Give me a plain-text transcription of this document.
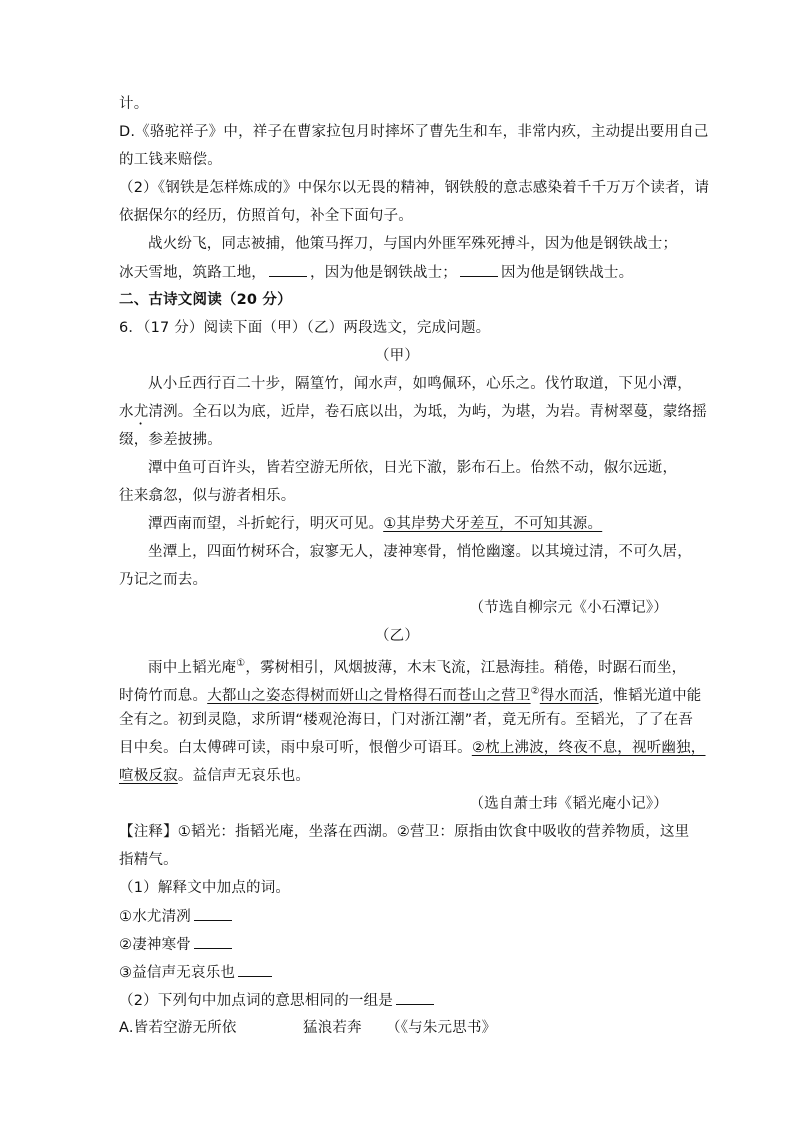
计。
D.《骆驼祥子》中，祥子在曹家拉包月时摔坏了曹先生和车，非常内疚，主动提出要用自己
的工钱来赔偿。
（2）《钢铁是怎样炼成的》中保尔以无畏的精神，钢铁般的意志感染着千千万万个读者，请
依据保尔的经历，仿照首句，补全下面句子。
战火纷飞，同志被捕，他策马挥刀，与国内外匪军殊死搏斗，因为他是钢铁战士；
冰天雪地，筑路工地，	，因为他是钢铁战士；	因为他是钢铁战士。
二、古诗文阅读（20 分）
6．（17 分）阅读下面（甲）（乙）两段选文，完成问题。
（甲）
从小丘西行百二十步，隔篁竹，闻水声，如鸣佩环，心乐之。伐竹取道，下见小潭，
水尤清洌。全石以为底，近岸，卷石底以出，为坻，为屿，为堪，为岩。青树翠蔓，蒙络摇
缀，参差披拂。
潭中鱼可百许头，皆若空游无所依，日光下澈，影布石上。佁然不动，俶尔远逝，
往来翕忽，似与游者相乐。
潭西南而望，斗折蛇行，明灭可见。①其岸势犬牙差互，不可知其源。
坐潭上，四面竹树环合，寂寥无人，凄神寒骨，悄怆幽邃。以其境过清，不可久居，
乃记之而去。
（节选自柳宗元《小石潭记》）
（乙）
雨中上韬光庵①，雾树相引，风烟披薄，木末飞流，江悬海挂。稍倦，时踞石而坐，
时倚竹而息。大都山之姿态得树而妍山之骨格得石而苍山之营卫②得水而活，惟韬光道中能
全有之。初到灵隐，求所谓“楼观沧海日，门对浙江潮”者，竟无所有。至韬光，了了在吾
目中矣。白太傅碑可读，雨中泉可听，恨僧少可语耳。②枕上沸波，终夜不息，视听幽独，
喧极反寂。益信声无哀乐也。
（选自萧士玮《韬光庵小记》）
【注释】①韬光：指韬光庵，坐落在西湖。②营卫：原指由饮食中吸收的营养物质，这里
指精气。
（1）解释文中加点的词。
①水尤清冽
②凄神寒骨
③益信声无哀乐也
（2）下列句中加点词的意思相同的一组是
A.皆若空游无所依	猛浪若奔 （《与朱元思书》
